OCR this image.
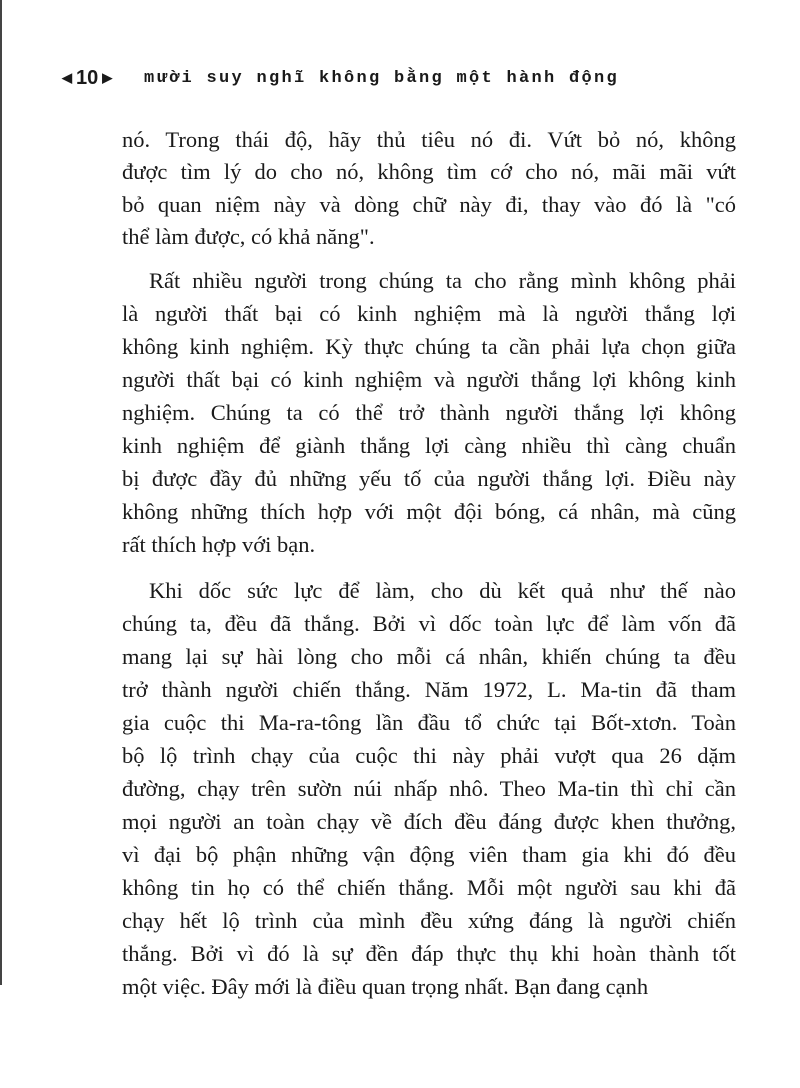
◀ 10 ▶ mười suy nghĩ không bằng một hành động
nó. Trong thái độ, hãy thủ tiêu nó đi. Vứt bỏ nó, không
được tìm lý do cho nó, không tìm cớ cho nó, mãi mãi vứt
bỏ quan niệm này và dòng chữ này đi, thay vào đó là "có
thể làm được, có khả năng".
Rất nhiều người trong chúng ta cho rằng mình không phải
là người thất bại có kinh nghiệm mà là người thắng lợi
không kinh nghiệm. Kỳ thực chúng ta cần phải lựa chọn giữa
người thất bại có kinh nghiệm và người thắng lợi không kinh
nghiệm. Chúng ta có thể trở thành người thắng lợi không
kinh nghiệm để giành thắng lợi càng nhiều thì càng chuẩn
bị được đầy đủ những yếu tố của người thắng lợi. Điều này
không những thích hợp với một đội bóng, cá nhân, mà cũng
rất thích hợp với bạn.
Khi dốc sức lực để làm, cho dù kết quả như thế nào
chúng ta, đều đã thắng. Bởi vì dốc toàn lực để làm vốn đã
mang lại sự hài lòng cho mỗi cá nhân, khiến chúng ta đều
trở thành người chiến thắng. Năm 1972, L. Ma-tin đã tham
gia cuộc thi Ma-ra-tông lần đầu tổ chức tại Bốt-xtơn. Toàn
bộ lộ trình chạy của cuộc thi này phải vượt qua 26 dặm
đường, chạy trên sườn núi nhấp nhô. Theo Ma-tin thì chỉ cần
mọi người an toàn chạy về đích đều đáng được khen thưởng,
vì đại bộ phận những vận động viên tham gia khi đó đều
không tin họ có thể chiến thắng. Mỗi một người sau khi đã
chạy hết lộ trình của mình đều xứng đáng là người chiến
thắng. Bởi vì đó là sự đền đáp thực thụ khi hoàn thành tốt
một việc. Đây mới là điều quan trọng nhất. Bạn đang cạnh
